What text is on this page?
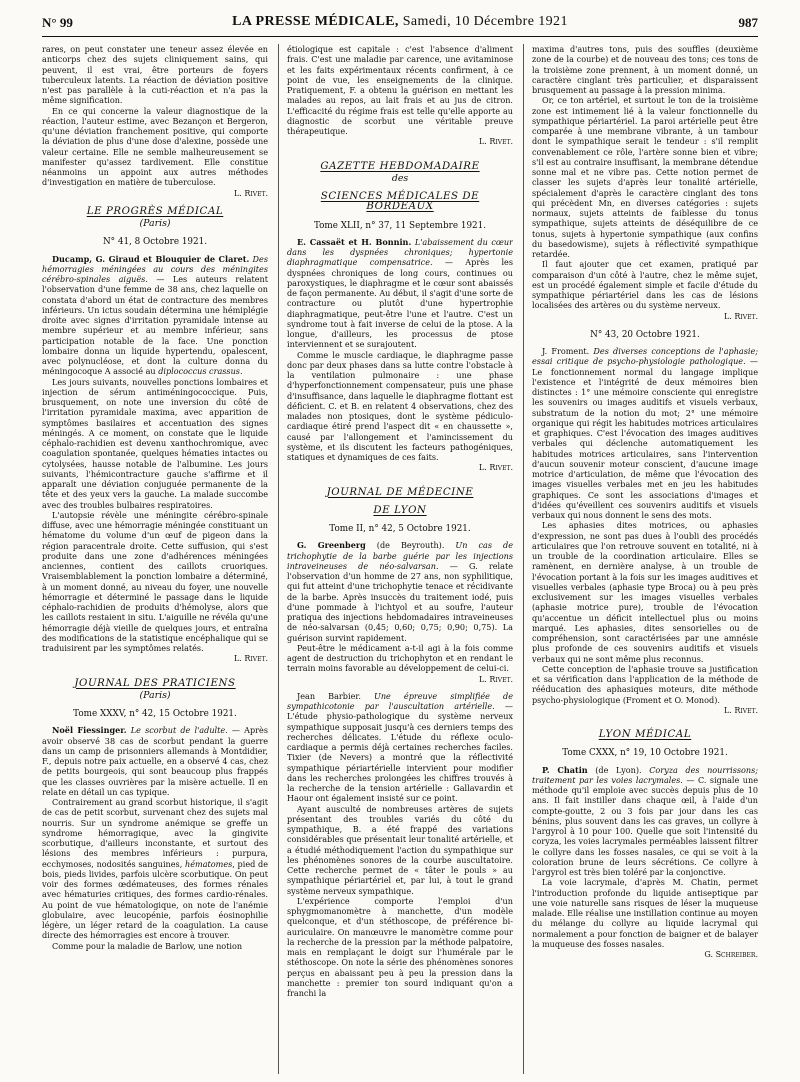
N° 99	LA PRESSE MÉDICALE, Samedi, 10 Décembre 1921	987

rares, on peut constater une teneur assez élevée en anticorps chez des sujets cliniquement sains, qui peuvent, il est vrai, être porteurs de foyers tuberculeux latents. La réaction de déviation positive n'est pas parallèle à la cuti-réaction et n'a pas la même signification.

En ce qui concerne la valeur diagnostique de la réaction, l'auteur estime, avec Bezançon et Bergeron, qu'une déviation franchement positive, qui comporte la déviation de plus d'une dose d'alexine, possède une valeur certaine. Elle ne semble malheureusement se manifester qu'assez tardivement. Elle constitue néanmoins un appoint aux autres méthodes d'investigation en matière de tuberculose.

L. Rivet.

LE PROGRÈS MÉDICAL

(Paris)

N° 41, 8 Octobre 1921.

Ducamp, G. Giraud et Blouquier de Claret. Des hémorragies méningées au cours des méningites cérébro-spinales aiguës. — Les auteurs relatent l'observation d'une femme de 38 ans, chez laquelle on constata d'abord un état de contracture des membres inférieurs. Un ictus soudain détermina une hémiplégie droite avec signes d'irritation pyramidale intense au membre supérieur et au membre inférieur, sans participation notable de la face. Une ponction lombaire donna un liquide hypertendu, opalescent, avec polynucléose, et dont la culture donna du méningocoque A associé au diplococcus crassus.

Les jours suivants, nouvelles ponctions lombaires et injection de sérum antiméningococcique. Puis, brusquement, on note une inversion du côté de l'irritation pyramidale maxima, avec apparition de symptômes basilaires et accentuation des signes méningés. A ce moment, on constate que le liquide céphalo-rachidien est devenu xanthochromique, avec coagulation spontanée, quelques hématies intactes ou cytolysées, hausse notable de l'albumine. Les jours suivants, l'hémicontracture gauche s'affirme et il apparaît une déviation conjuguée permanente de la tête et des yeux vers la gauche. La malade succombe avec des troubles bulbaires respiratoires.

L'autopsie révèle une méningite cérébro-spinale diffuse, avec une hémorragie méningée constituant un hématome du volume d'un œuf de pigeon dans la région paracentrale droite. Cette suffusion, qui s'est produite dans une zone d'adhérences méningées anciennes, contient des caillots cruoriques. Vraisemblablement la ponction lombaire a déterminé, à un moment donné, au niveau du foyer, une nouvelle hémorragie et déterminé le passage dans le liquide céphalo-rachidien de produits d'hémolyse, alors que les caillots restaient in situ. L'aiguille ne révéla qu'une hémorragie déjà vieille de quelques jours, et entraîna des modifications de la statistique encéphalique qui se traduisirent par les symptômes relatés.

L. Rivet.

JOURNAL DES PRATICIENS

(Paris)

Tome XXXV, n° 42, 15 Octobre 1921.

Noël Fiessinger. Le scorbut de l'adulte. — Après avoir observé 38 cas de scorbut pendant la guerre dans un camp de prisonniers allemands à Montdidier, F., depuis notre paix actuelle, en a observé 4 cas, chez de petits bourgeois, qui sont beaucoup plus frappés que les classes ouvrières par la misère actuelle. Il en relate en détail un cas typique.

Contrairement au grand scorbut historique, il s'agit de cas de petit scorbut, survenant chez des sujets mal nourris. Sur un syndrome anémique se greffe un syndrome hémorragique, avec la gingivite scorbutique, d'ailleurs inconstante, et surtout des lésions des membres inférieurs : purpura, ecchymoses, nodosités sanguines, hématomes, pied de bois, pieds livides, parfois ulcère scorbutique. On peut voir des formes œdémateuses, des formes rénales avec hématuries critiques, des formes cardio-rénales. Au point de vue hématologique, on note de l'anémie globulaire, avec leucopénie, parfois éosinophilie légère, un léger retard de la coagulation. La cause directe des hémorragies est encore à trouver.

Comme pour la maladie de Barlow, une notion

étiologique est capitale : c'est l'absence d'aliment frais. C'est une maladie par carence, une avitaminose et les faits expérimentaux récents confirment, à ce point de vue, les enseignements de la clinique. Pratiquement, F. a obtenu la guérison en mettant les malades au repos, au lait frais et au jus de citron. L'efficacité du régime frais est telle qu'elle apporte au diagnostic de scorbut une véritable preuve thérapeutique.

L. Rivet.

GAZETTE HEBDOMADAIRE

des

SCIENCES MÉDICALES DE BORDEAUX

Tome XLII, n° 37, 11 Septembre 1921.

E. Cassaët et H. Bonnin. L'abaissement du cœur dans les dyspnées chroniques; hypertonie diaphragmatique compensatrice. — Après les dyspnées chroniques de long cours, continues ou paroxystiques, le diaphragme et le cœur sont abaissés de façon permanente. Au début, il s'agit d'une sorte de contracture ou plutôt d'une hypertrophie diaphragmatique, peut-être l'une et l'autre. C'est un syndrome tout à fait inverse de celui de la ptose. A la longue, d'ailleurs, les processus de ptose interviennent et se surajoutent.

Comme le muscle cardiaque, le diaphragme passe donc par deux phases dans sa lutte contre l'obstacle à la ventilation pulmonaire : une phase d'hyperfonctionnement compensateur, puis une phase d'insuffisance, dans laquelle le diaphragme flottant est déficient. C. et B. en relatent 4 observations, chez des malades non ptosiques, dont le système pédiculo-cardiaque étiré prend l'aspect dit « en chaussette », causé par l'allongement et l'amincissement du système, et ils discutent les facteurs pathogéniques, statiques et dynamiques de ces faits.

L. Rivet.

JOURNAL DE MÉDECINE

DE LYON

Tome II, n° 42, 5 Octobre 1921.

G. Greenberg (de Beyrouth). Un cas de trichophytie de la barbe guérie par les injections intraveineuses de néo-salvarsan. — G. relate l'observation d'un homme de 27 ans, non syphilitique, qui fut atteint d'une trichophytie tenace et récidivante de la barbe. Après insuccès du traitement iodé, puis d'une pommade à l'ichtyol et au soufre, l'auteur pratiqua des injections hebdomadaires intraveineuses de néo-salvarsan (0,45; 0,60; 0,75; 0,90; 0,75). La guérison survint rapidement.

Peut-être le médicament a-t-il agi à la fois comme agent de destruction du trichophyton et en rendant le terrain moins favorable au développement de celui-ci.

L. Rivet.

Jean Barbier. Une épreuve simplifiée de sympathicotonie par l'auscultation artérielle. — L'étude physio-pathologique du système nerveux sympathique supposait jusqu'à ces derniers temps des recherches délicates. L'étude du réflexe oculo-cardiaque a permis déjà certaines recherches faciles. Tixier (de Nevers) a montré que la réflectivité sympathique périartérielle intervient pour modifier dans les recherches prolongées les chiffres trouvés à la recherche de la tension artérielle : Gallavardin et Haour ont également insisté sur ce point.

Ayant ausculté de nombreuses artères de sujets présentant des troubles variés du côté du sympathique, B. a été frappé des variations considérables que présentait leur tonalité artérielle, et a étudié méthodiquement l'action du sympathique sur les phénomènes sonores de la courbe auscultatoire. Cette recherche permet de « tâter le pouls » au sympathique périartériel et, par lui, à tout le grand système nerveux sympathique.

L'expérience comporte l'emploi d'un sphygmomanomètre à manchette, d'un modèle quelconque, et d'un stéthoscope, de préférence bi-auriculaire. On manœuvre le manomètre comme pour la recherche de la pression par la méthode palpatoire, mais en remplaçant le doigt sur l'humérale par le stéthoscope. On note la série des phénomènes sonores perçus en abaissant peu à peu la pression dans la manchette : premier ton sourd indiquant qu'on a franchi la

maxima d'autres tons, puis des souffles (deuxième zone de la courbe) et de nouveau des tons; ces tons de la troisième zone prennent, à un moment donné, un caractère cinglant très particulier, et disparaissent brusquement au passage à la pression minima.

Or, ce ton artériel, et surtout le ton de la troisième zone est intimement lié à la valeur fonctionnelle du sympathique périartériel. La paroi artérielle peut être comparée à une membrane vibrante, à un tambour dont le sympathique serait le tendeur : s'il remplit convenablement ce rôle, l'artère sonne bien et vibre; s'il est au contraire insuffisant, la membrane détendue sonne mal et ne vibre pas. Cette notion permet de classer les sujets d'après leur tonalité artérielle, spécialement d'après le caractère cinglant des tons qui précèdent Mn, en diverses catégories : sujets normaux, sujets atteints de faiblesse du tonus sympathique, sujets atteints de déséquilibre de ce tonus, sujets à hypertonie sympathique (aux confins du basedowisme), sujets à réflectivité sympathique retardée.

Il faut ajouter que cet examen, pratiqué par comparaison d'un côté à l'autre, chez le même sujet, est un procédé également simple et facile d'étude du sympathique périartériel dans les cas de lésions localisées des artères ou du système nerveux.

L. Rivet.

N° 43, 20 Octobre 1921.

J. Froment. Des diverses conceptions de l'aphasie; essai critique de psycho-physiologie pathologique. — Le fonctionnement normal du langage implique l'existence et l'intégrité de deux mémoires bien distinctes : 1° une mémoire consciente qui enregistre les souvenirs ou images auditifs et visuels verbaux, substratum de la notion du mot; 2° une mémoire organique qui régit les habitudes motrices articulaires et graphiques. C'est l'évocation des images auditives verbales qui déclenche automatiquement les habitudes motrices articulaires, sans l'intervention d'aucun souvenir moteur conscient, d'aucune image motrice d'articulation, de même que l'évocation des images visuelles verbales met en jeu les habitudes graphiques. Ce sont les associations d'images et d'idées qu'éveillent ces souvenirs auditifs et visuels verbaux qui nous donnent le sens des mots.

Les aphasies dites motrices, ou aphasies d'expression, ne sont pas dues à l'oubli des procédés articulaires que l'on retrouve souvent en totalité, ni à un trouble de la coordination articulaire. Elles se ramènent, en dernière analyse, à un trouble de l'évocation portant à la fois sur les images auditives et visuelles verbales (aphasie type Broca) ou à peu près exclusivement sur les images visuelles verbales (aphasie motrice pure), trouble de l'évocation qu'accentue un déficit intellectuel plus ou moins marqué. Les aphasies, dites sensorielles ou de compréhension, sont caractérisées par une amnésie plus profonde de ces souvenirs auditifs et visuels verbaux qui ne sont même plus reconnus.

Cette conception de l'aphasie trouve sa justification et sa vérification dans l'application de la méthode de rééducation des aphasiques moteurs, dite méthode psycho-physiologique (Froment et O. Monod).

L. Rivet.

LYON MÉDICAL

Tome CXXX, n° 19, 10 Octobre 1921.

P. Chatin (de Lyon). Coryza des nourrissons; traitement par les voies lacrymales. — C. signale une méthode qu'il emploie avec succès depuis plus de 10 ans. Il fait instiller dans chaque œil, à l'aide d'un compte-goutte, 2 ou 3 fois par jour dans les cas bénins, plus souvent dans les cas graves, un collyre à l'argyrol à 10 pour 100. Quelle que soit l'intensité du coryza, les voies lacrymales perméables laissent filtrer le collyre dans les fosses nasales, ce qui se voit à la coloration brune de leurs sécrétions. Ce collyre à l'argyrol est très bien toléré par la conjonctive.

La voie lacrymale, d'après M. Chatin, permet l'introduction profonde du liquide antiseptique par une voie naturelle sans risques de léser la muqueuse malade. Elle réalise une instillation continue au moyen du mélange du collyre au liquide lacrymal qui normalement a pour fonction de baigner et de balayer la muqueuse des fosses nasales.

G. Schreiber.
